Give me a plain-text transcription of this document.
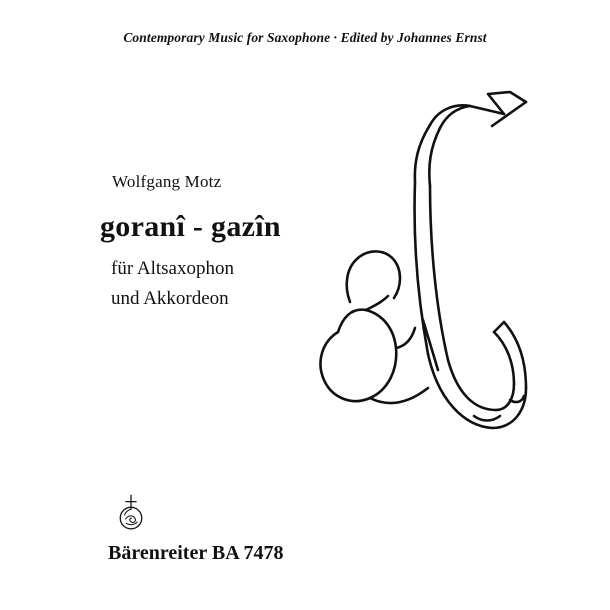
Contemporary Music for Saxophone · Edited by Johannes Ernst
Wolfgang Motz
goranî - gazîn
für Altsaxophon
und Akkordeon
Bärenreiter BA 7478
